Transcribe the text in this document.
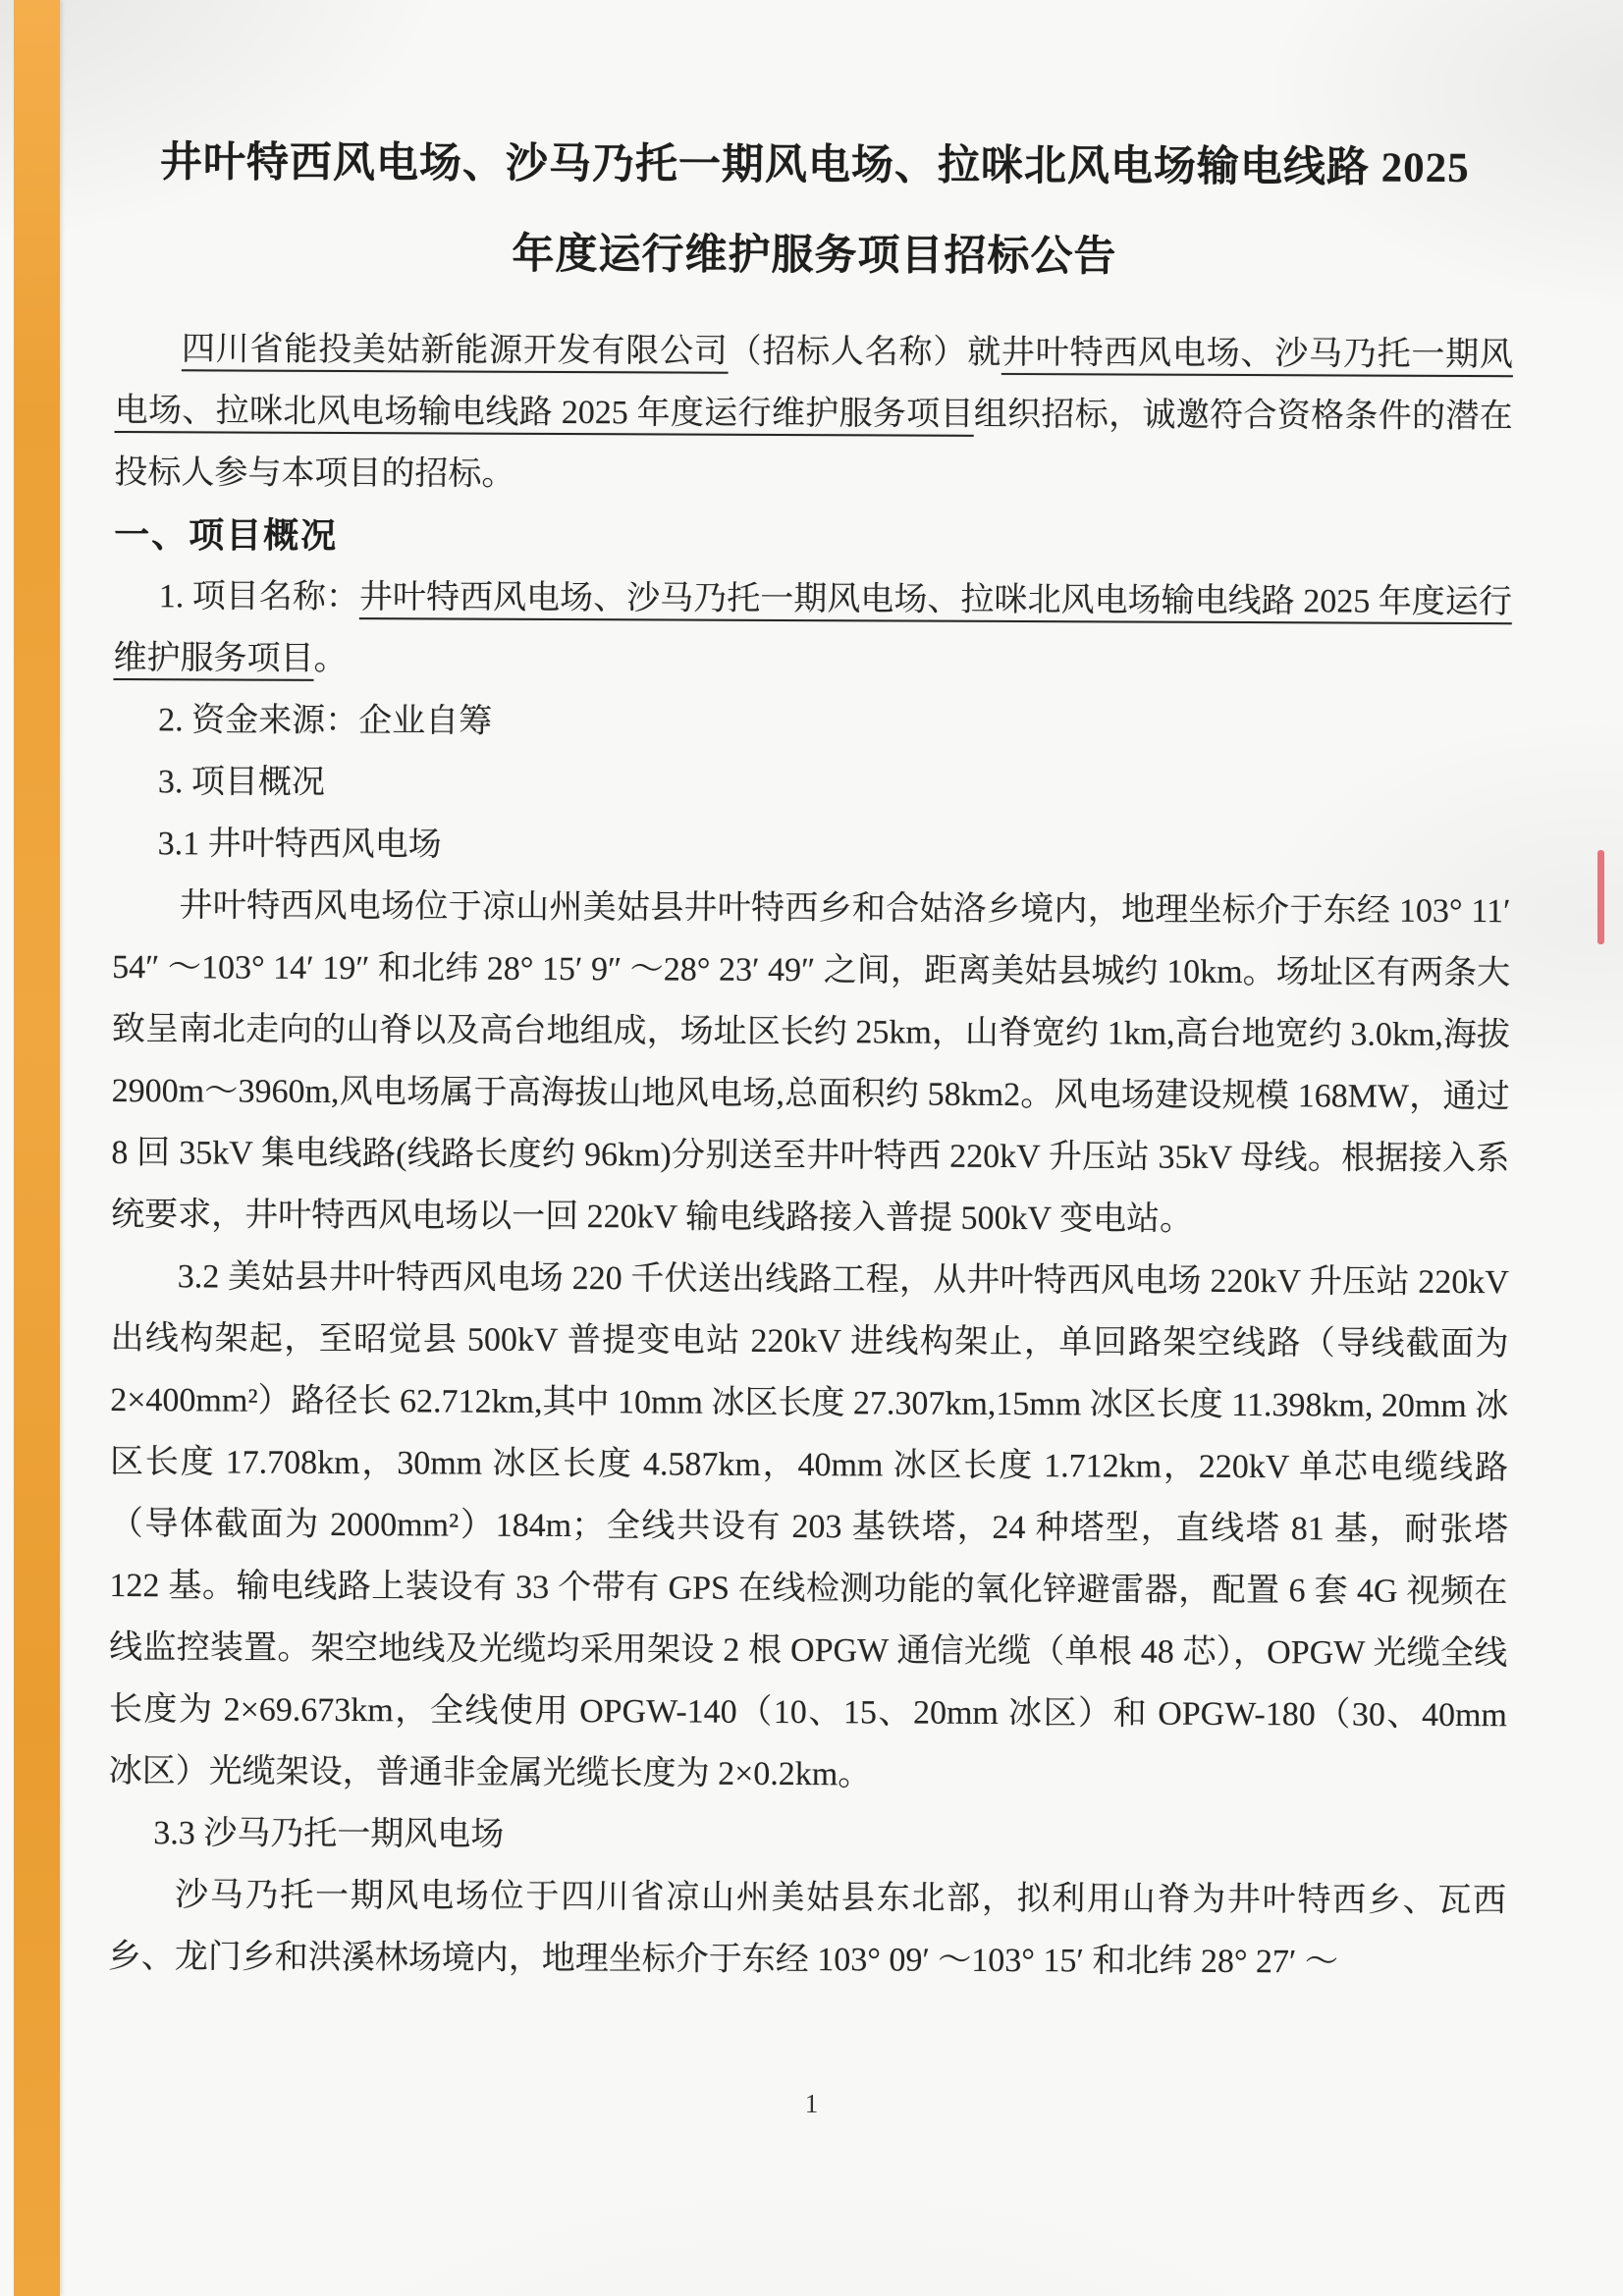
井叶特西风电场、沙马乃托一期风电场、拉咪北风电场输电线路 2025
年度运行维护服务项目招标公告

四川省能投美姑新能源开发有限公司（招标人名称）就井叶特西风电场、沙马乃托一期风电场、拉咪北风电场输电线路 2025 年度运行维护服务项目组织招标，诚邀符合资格条件的潜在投标人参与本项目的招标。

一、项目概况

1. 项目名称：井叶特西风电场、沙马乃托一期风电场、拉咪北风电场输电线路 2025 年度运行维护服务项目。

2. 资金来源：企业自筹

3. 项目概况

3.1 井叶特西风电场

井叶特西风电场位于凉山州美姑县井叶特西乡和合姑洛乡境内，地理坐标介于东经 103° 11′ 54″ ～103° 14′ 19″ 和北纬 28° 15′ 9″ ～28° 23′ 49″ 之间，距离美姑县城约 10km。场址区有两条大致呈南北走向的山脊以及高台地组成，场址区长约 25km，山脊宽约 1km,高台地宽约 3.0km,海拔 2900m～3960m,风电场属于高海拔山地风电场,总面积约 58km2。风电场建设规模 168MW，通过 8 回 35kV 集电线路(线路长度约 96km)分别送至井叶特西 220kV 升压站 35kV 母线。根据接入系统要求，井叶特西风电场以一回 220kV 输电线路接入普提 500kV 变电站。

3.2 美姑县井叶特西风电场 220 千伏送出线路工程，从井叶特西风电场 220kV 升压站 220kV 出线构架起，至昭觉县 500kV 普提变电站 220kV 进线构架止，单回路架空线路（导线截面为 2×400mm²）路径长 62.712km,其中 10mm 冰区长度 27.307km,15mm 冰区长度 11.398km, 20mm 冰区长度 17.708km，30mm 冰区长度 4.587km，40mm 冰区长度 1.712km，220kV 单芯电缆线路（导体截面为 2000mm²）184m；全线共设有 203 基铁塔，24 种塔型，直线塔 81 基，耐张塔 122 基。输电线路上装设有 33 个带有 GPS 在线检测功能的氧化锌避雷器，配置 6 套 4G 视频在线监控装置。架空地线及光缆均采用架设 2 根 OPGW 通信光缆（单根 48 芯），OPGW 光缆全线长度为 2×69.673km，全线使用 OPGW-140（10、15、20mm 冰区）和 OPGW-180（30、40mm 冰区）光缆架设，普通非金属光缆长度为 2×0.2km。

3.3 沙马乃托一期风电场

沙马乃托一期风电场位于四川省凉山州美姑县东北部，拟利用山脊为井叶特西乡、瓦西乡、龙门乡和洪溪林场境内，地理坐标介于东经 103° 09′ ～103° 15′ 和北纬 28° 27′ ～

1
